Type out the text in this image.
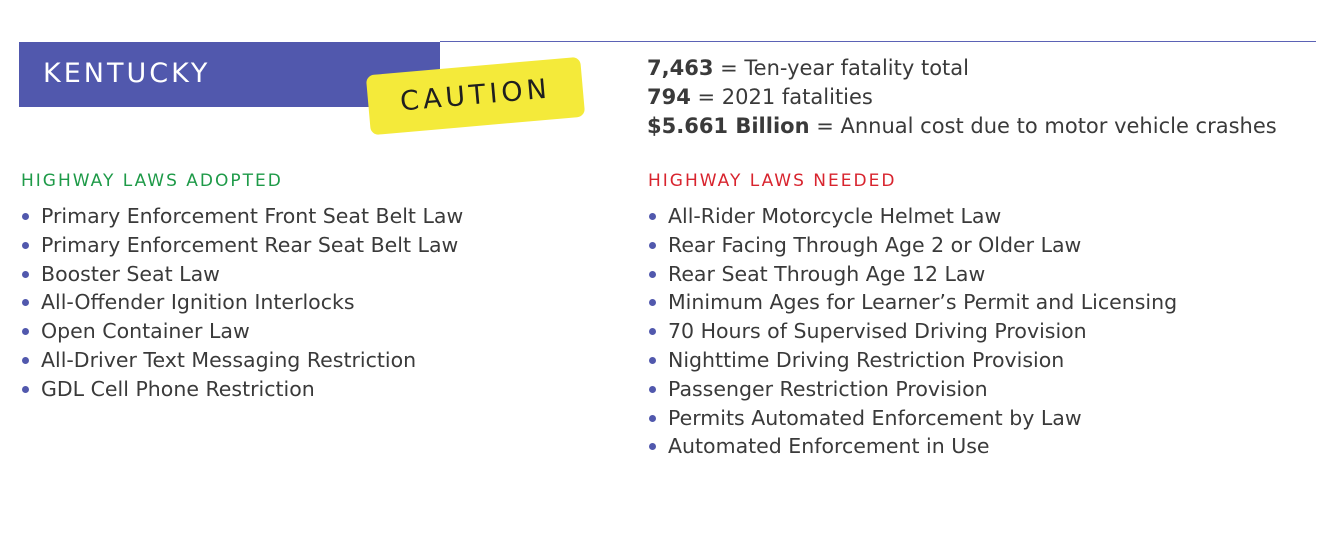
KENTUCKY	CAUTION
7,463 = Ten-year fatality total
794 = 2021 fatalities
$5.661 Billion = Annual cost due to motor vehicle crashes
HIGHWAY LAWS ADOPTED
Primary Enforcement Front Seat Belt Law
Primary Enforcement Rear Seat Belt Law
Booster Seat Law
All-Offender Ignition Interlocks
Open Container Law
All-Driver Text Messaging Restriction
GDL Cell Phone Restriction
HIGHWAY LAWS NEEDED
All-Rider Motorcycle Helmet Law
Rear Facing Through Age 2 or Older Law
Rear Seat Through Age 12 Law
Minimum Ages for Learner’s Permit and Licensing
70 Hours of Supervised Driving Provision
Nighttime Driving Restriction Provision
Passenger Restriction Provision
Permits Automated Enforcement by Law
Automated Enforcement in Use
